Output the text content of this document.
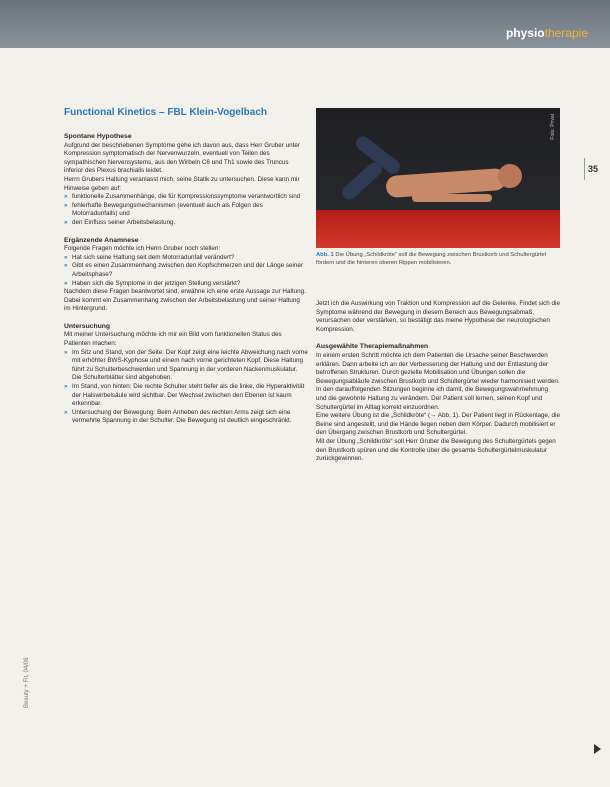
physiotherapie
35
Beauty + Fit, 04/06
Functional Kinetics – FBL Klein-Vogelbach

Spontane Hypothese

Aufgrund der beschriebenen Symptome gehe ich davon aus, dass Herr Gruber unter Kompression symptomatisch der Nervenwurzeln, eventuell von Teilen des sympathischen Nervensystems, aus den Wirbeln C6 und Th1 sowie des Truncus inferior des Plexus brachialis leidet.

Herrn Grubers Haltung veranlasst mich, seine Statik zu untersuchen. Diese kann mir Hinweise geben auf:

» funktionelle Zusammenhänge, die für Kompressionssymptome verantwortlich sind
» fehlerhafte Bewegungsmechanismen (eventuell auch als Folgen des Motorradunfalls) und
» den Einfluss seiner Arbeitsbelastung.

Ergänzende Anamnese

Folgende Fragen möchte ich Herrn Gruber noch stellen:

» Hat sich seine Haltung seit dem Motorradunfall verändert?
» Gibt es einen Zusammenhang zwischen den Kopfschmerzen und der Länge seiner Arbeitsphase?
» Haben sich die Symptome in der jetzigen Stellung verstärkt?

Nachdem diese Fragen beantwortet sind, erwähne ich eine erste Aussage zur Haltung. Dabei kommt ein Zusammenhang zwischen der Arbeitsbelastung und seiner Haltung im Hintergrund.

Untersuchung

Mit meiner Untersuchung möchte ich mir ein Bild vom funktionellen Status des Patienten machen:

» Im Sitz und Stand, von der Seite: Der Kopf zeigt eine leichte Abweichung nach vorne mit erhöhter BWS-Kyphose und einem nach vorne gerichteten Kopf. Diese Haltung führt zu Schulterbeschwerden und Spannung in der vorderen Nackenmuskulatur. Die Schulterblätter sind abgehoben.
» Im Stand, von hinten: Die rechte Schulter steht tiefer als die linke, die Hyperaktivität der Halswirbelsäule wird sichtbar. Der Wechsel zwischen den Ebenen ist kaum erkennbar.
» Untersuchung der Bewegung: Beim Anheben des rechten Arms zeigt sich eine vermehrte Spannung in der Schulter. Die Bewegung ist deutlich eingeschränkt.
Foto: Privat
Abb. 1 Die Übung „Schildkröte“ soll die Bewegung zwischen Brustkorb und Schultergürtel fördern und die hinteren oberen Rippen mobilisieren.

Jetzt ich die Auswirkung von Traktion und Kompression auf die Gelenke. Findet sich die Symptome während der Bewegung in diesem Bereich aus Bewegungsabmaß, verursachen oder verstärken, so bestätigt das meine Hypothese der neurologischen Kompression.

Ausgewählte Therapiemaßnahmen

In einem ersten Schritt möchte ich dem Patienten die Ursache seiner Beschwerden erklären. Dann arbeite ich an der Verbesserung der Haltung und der Entlastung der betroffenen Strukturen. Durch gezielte Mobilisation und Übungen sollen die Bewegungsabläufe zwischen Brustkorb und Schultergürtel wieder harmonisiert werden.

In den darauffolgenden Sitzungen beginne ich damit, die Bewegungswahrnehmung und die gewohnte Haltung zu verändern. Der Patient soll lernen, seinen Kopf und Schultergürtel im Alltag korrekt einzuordnen.

Eine weitere Übung ist die „Schildkröte“ (→ Abb. 1). Der Patient liegt in Rückenlage, die Beine sind angestellt, und die Hände liegen neben dem Körper. Dadurch mobilisiert er den Übergang zwischen Brustkorb und Schultergürtel.

Mit der Übung „Schildkröte“ soll Herr Gruber die Bewegung des Schultergürtels gegen den Brustkorb spüren und die Kontrolle über die gesamte Schultergürtelmuskulatur zurückgewinnen.
